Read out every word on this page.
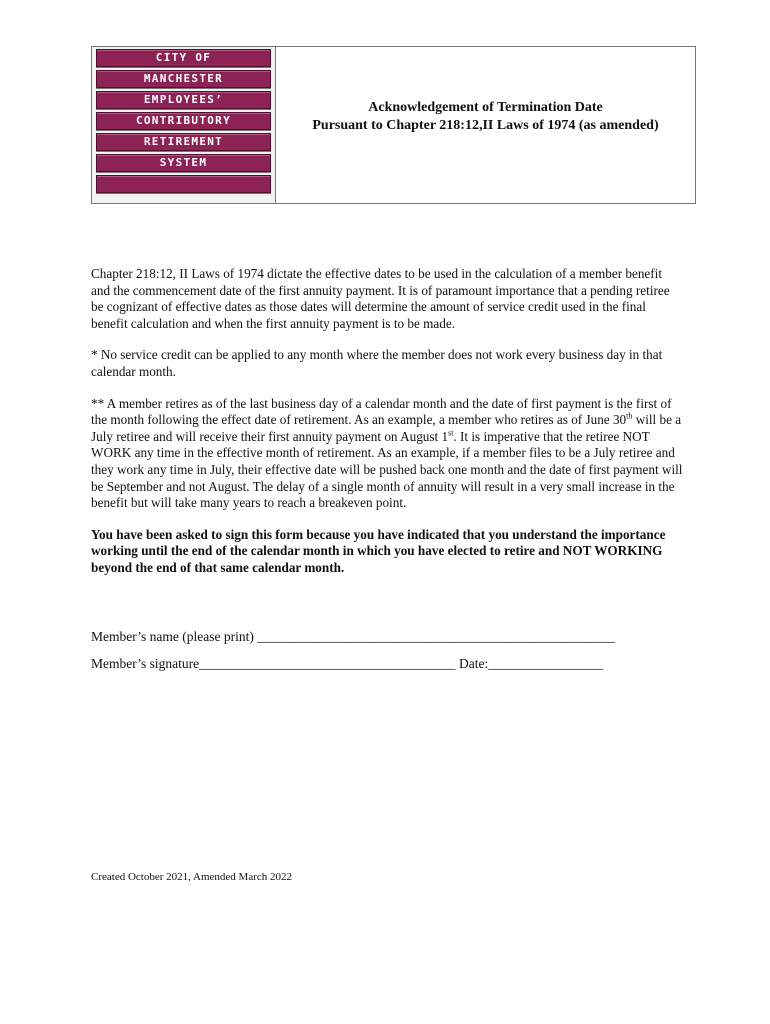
CITY OF
MANCHESTER
EMPLOYEES’
CONTRIBUTORY
RETIREMENT
SYSTEM
Acknowledgement of Termination Date
Pursuant to Chapter 218:12,II Laws of 1974 (as amended)

Chapter 218:12, II Laws of 1974 dictate the effective dates to be used in the calculation of a member benefit and the commencement date of the first annuity payment. It is of paramount importance that a pending retiree be cognizant of effective dates as those dates will determine the amount of service credit used in the final benefit calculation and when the first annuity payment is to be made.

* No service credit can be applied to any month where the member does not work every business day in that calendar month.

** A member retires as of the last business day of a calendar month and the date of first payment is the first of the month following the effect date of retirement. As an example, a member who retires as of June 30th will be a July retiree and will receive their first annuity payment on August 1st. It is imperative that the retiree NOT WORK any time in the effective month of retirement. As an example, if a member files to be a July retiree and they work any time in July, their effective date will be pushed back one month and the date of first payment will be September and not August. The delay of a single month of annuity will result in a very small increase in the benefit but will take many years to reach a breakeven point.

You have been asked to sign this form because you have indicated that you understand the importance working until the end of the calendar month in which you have elected to retire and NOT WORKING beyond the end of that same calendar month.

Member’s name (please print) _____________________________________________________
Member’s signature______________________________________ Date:_________________
Created October 2021, Amended March 2022
